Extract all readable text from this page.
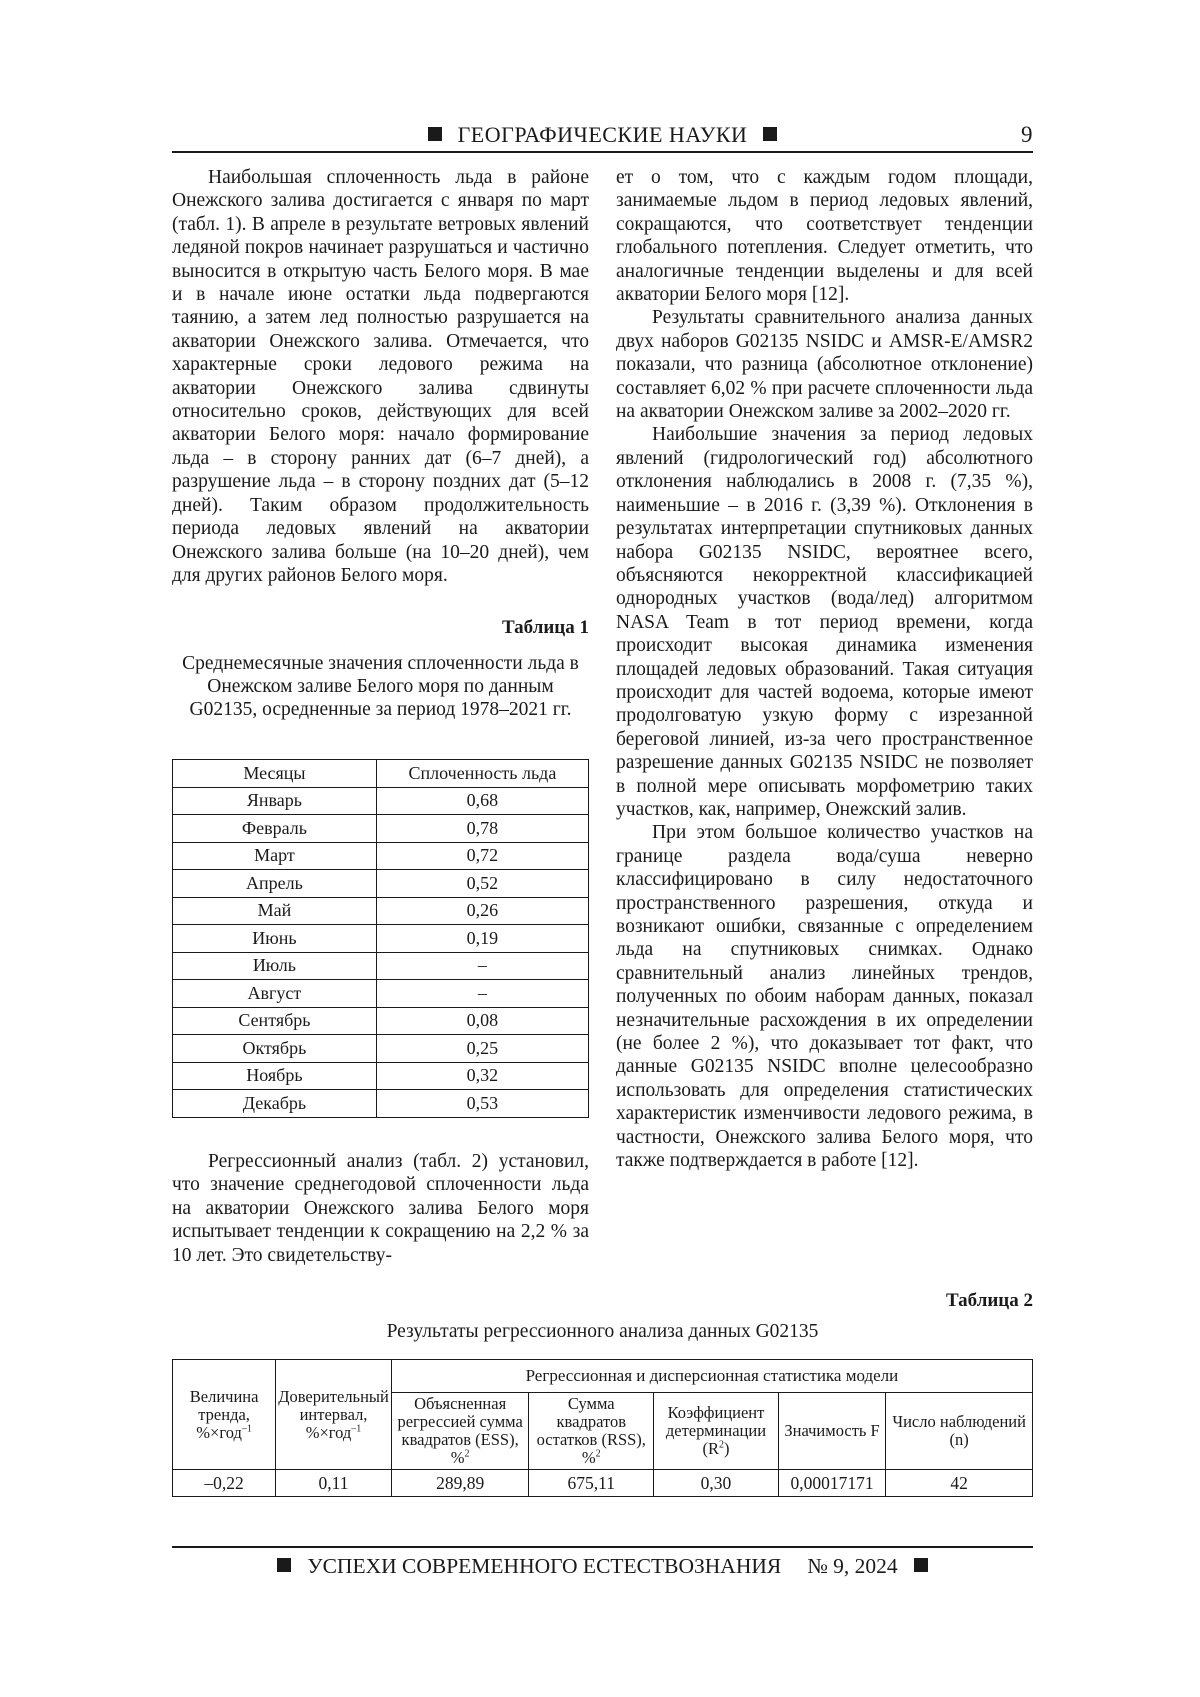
ГЕОГРАФИЧЕСКИЕ НАУКИ	9

Наибольшая сплоченность льда в районе Онежского залива достигается с января по март (табл. 1). В апреле в результате ветровых явлений ледяной покров начинает разрушаться и частично выносится в открытую часть Белого моря. В мае и в начале июне остатки льда подвергаются таянию, а затем лед полностью разрушается на акватории Онежского залива. Отмечается, что характерные сроки ледового режима на акватории Онежского залива сдвинуты относительно сроков, действующих для всей акватории Белого моря: начало формирование льда – в сторону ранних дат (6–7 дней), а разрушение льда – в сторону поздних дат (5–12 дней). Таким образом продолжительность периода ледовых явлений на акватории Онежского залива больше (на 10–20 дней), чем для других районов Белого моря.

Таблица 1
Среднемесячные значения сплоченности льда в Онежском заливе Белого моря по данным G02135, осредненные за период 1978–2021 гг.
Месяцы	Сплоченность льда
Январь	0,68
Февраль	0,78
Март	0,72
Апрель	0,52
Май	0,26
Июнь	0,19
Июль	–
Август	–
Сентябрь	0,08
Октябрь	0,25
Ноябрь	0,32
Декабрь	0,53

Регрессионный анализ (табл. 2) установил, что значение среднегодовой сплоченности льда на акватории Онежского залива Белого моря испытывает тенденции к сокращению на 2,2 % за 10 лет. Это свидетельству-

ет о том, что с каждым годом площади, занимаемые льдом в период ледовых явлений, сокращаются, что соответствует тенденции глобального потепления. Следует отметить, что аналогичные тенденции выделены и для всей акватории Белого моря [12].

Результаты сравнительного анализа данных двух наборов G02135 NSIDC и AMSR-E/AMSR2 показали, что разница (абсолютное отклонение) составляет 6,02 % при расчете сплоченности льда на акватории Онежском заливе за 2002–2020 гг.

Наибольшие значения за период ледовых явлений (гидрологический год) абсолютного отклонения наблюдались в 2008 г. (7,35 %), наименьшие – в 2016 г. (3,39 %). Отклонения в результатах интерпретации спутниковых данных набора G02135 NSIDC, вероятнее всего, объясняются некорректной классификацией однородных участков (вода/лед) алгоритмом NASA Team в тот период времени, когда происходит высокая динамика изменения площадей ледовых образований. Такая ситуация происходит для частей водоема, которые имеют продолговатую узкую форму с изрезанной береговой линией, из-за чего пространственное разрешение данных G02135 NSIDC не позволяет в полной мере описывать морфометрию таких участков, как, например, Онежский залив.

При этом большое количество участков на границе раздела вода/суша неверно классифицировано в силу недостаточного пространственного разрешения, откуда и возникают ошибки, связанные с определением льда на спутниковых снимках. Однако сравнительный анализ линейных трендов, полученных по обоим наборам данных, показал незначительные расхождения в их определении (не более 2 %), что доказывает тот факт, что данные G02135 NSIDC вполне целесообразно использовать для определения статистических характеристик изменчивости ледового режима, в частности, Онежского залива Белого моря, что также подтверждается в работе [12].

Таблица 2
Результаты регрессионного анализа данных G02135
Величина тренда, %×год–1	Доверительный интервал, %×год–1	Регрессионная и дисперсионная статистика модели
Объясненная регрессией сумма квадратов (ESS), %2	Сумма квадратов остатков (RSS), %2	Коэффициент детерминации (R2)	Значимость F	Число наблюдений (n)
–0,22	0,11	289,89	675,11	0,30	0,00017171	42
УСПЕХИ СОВРЕМЕННОГО ЕСТЕСТВОЗНАНИЯ № 9, 2024
